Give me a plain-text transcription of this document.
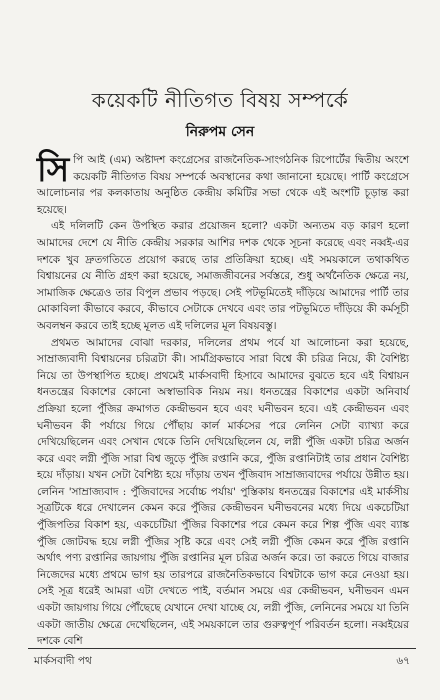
কয়েকটি নীতিগত বিষয় সম্পর্কে
নিরুপম সেন

সিপি আই (এম) অষ্টাদশ কংগ্রেসের রাজনৈতিক-সাংগঠনিক রিপোর্টের দ্বিতীয় অংশে কয়েকটি নীতিগত বিষয় সম্পর্কে অবস্থানের কথা জানানো হয়েছে। পার্টি কংগ্রেসে আলোচনার পর কলকাতায় অনুষ্ঠিত কেন্দ্রীয় কমিটির সভা থেকে এই অংশটি চূড়ান্ত করা হয়েছে।

এই দলিলটি কেন উপস্থিত করার প্রয়োজন হলো? একটা অন্যতম বড় কারণ হলো আমাদের দেশে যে নীতি কেন্দ্রীয় সরকার আশির দশক থেকে সূচনা করেছে এবং নব্বই-এর দশকে খুব দ্রুতগতিতে প্রয়োগ করছে তার প্রতিক্রিয়া হচ্ছে। এই সময়কালে তথাকথিত বিশ্বায়নের যে নীতি গ্রহণ করা হয়েছে, সমাজজীবনের সর্বস্তরে, শুধু অর্থনৈতিক ক্ষেত্রে নয়, সামাজিক ক্ষেত্রেও তার বিপুল প্রভাব পড়ছে। সেই পটভূমিতেই দাঁড়িয়ে আমাদের পার্টি তার মোকাবিলা কীভাবে করবে, কীভাবে সেটাকে দেখবে এবং তার পটভূমিতে দাঁড়িয়ে কী কর্মসূচী অবলম্বন করবে তাই হচ্ছে মূলত এই দলিলের মূল বিষয়বস্তু।

প্রথমত আমাদের বোঝা দরকার, দলিলের প্রথম পর্বে যা আলোচনা করা হয়েছে, সাম্রাজ্যবাদী বিশ্বায়নের চরিত্রটা কী। সার্মগ্রিকভাবে সারা বিশ্বে কী চরিত্র নিয়ে, কী বৈশিষ্ট্য নিয়ে তা উপস্থাপিত হচ্ছে। প্রথমেই মার্কসবাদী হিসাবে আমাদের বুঝতে হবে এই বিশ্বায়ন ধনতন্ত্রের বিকাশের কোনো অস্বাভাবিক নিয়ম নয়। ধনতন্ত্রের বিকাশের একটা অনিবার্য প্রক্রিয়া হলো পুঁজির ক্রমাগত কেন্দ্রীভবন হবে এবং ঘনীভবন হবে। এই কেন্দ্রীভবন এবং ঘনীভবন কী পর্যায়ে গিয়ে পৌঁছায় কার্ল মার্কসের পরে লেনিন সেটা ব্যাখ্যা করে দেখিয়েছিলেন এবং সেখান থেকে তিনি দেখিয়েছিলেন যে, লগ্নী পুঁজি একটা চরিত্র অর্জন করে এবং লগ্নী পুঁজি সারা বিশ্ব জুড়ে পুঁজি রপ্তানি করে, পুঁজি রপ্তানিটাই তার প্রধান বৈশিষ্ট্য হয়ে দাঁড়ায়। যখন সেটা বৈশিষ্ট্য হয়ে দাঁড়ায় তখন পুঁজিবাদ সাম্রাজ্যবাদের পর্যায়ে উন্নীত হয়। লেনিন 'সাম্রাজ্যবাদ : পুঁজিবাদের সর্বোচ্চ পর্যায়' পুস্তিকায় ধনতন্ত্রের বিকাশের এই মার্কসীয় সূত্রটিকে ধরে দেখালেন কেমন করে পুঁজির কেন্দ্রীভবন ঘনীভবনের মধ্যে দিয়ে একচেটিয়া পুঁজিপতির বিকাশ হয়, একচেটিয়া পুঁজির বিকাশের পরে কেমন করে শিল্প পুঁজি এবং ব্যাঙ্ক পুঁজি জোটবদ্ধ হয়ে লগ্নী পুঁজির সৃষ্টি করে এবং সেই লগ্নী পুঁজি কেমন করে পুঁজি রপ্তানি অর্থাৎ পণ্য রপ্তানির জায়গায় পুঁজি রপ্তানির মূল চরিত্র অর্জন করে। তা করতে গিয়ে বাজার নিজেদের মধ্যে প্রথমে ভাগ হয় তারপরে রাজনৈতিকভাবে বিশ্বটাকে ভাগ করে নেওয়া হয়। সেই সূত্র ধরেই আমরা এটা দেখতে পাই, বর্তমান সময়ে এর কেন্দ্রীভবন, ঘনীভবন এমন একটা জায়গায় গিয়ে পৌঁছেছে যেখানে দেখা যাচ্ছে যে, লগ্নী পুঁজি, লেনিনের সময়ে যা তিনি একটা জাতীয় ক্ষেত্রে দেখেছিলেন, এই সময়কালে তার গুরুত্বপূর্ণ পরিবর্তন হলো। নব্বইয়ের দশকে বেশি

মার্কসবাদী পথ	৬৭
